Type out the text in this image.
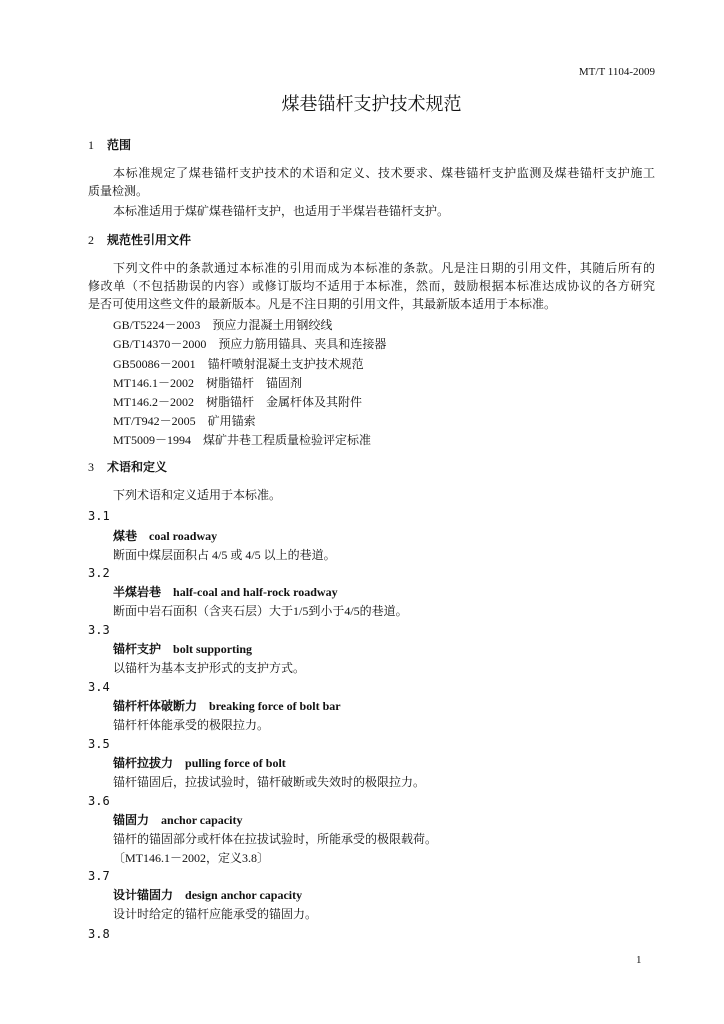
MT/T 1104-2009
煤巷锚杆支护技术规范
1 范围
本标准规定了煤巷锚杆支护技术的术语和定义、技术要求、煤巷锚杆支护监测及煤巷锚杆支护施工
质量检测。
本标准适用于煤矿煤巷锚杆支护，也适用于半煤岩巷锚杆支护。
2 规范性引用文件
下列文件中的条款通过本标准的引用而成为本标准的条款。凡是注日期的引用文件，其随后所有的
修改单（不包括勘误的内容）或修订版均不适用于本标准，然而，鼓励根据本标准达成协议的各方研究
是否可使用这些文件的最新版本。凡是不注日期的引用文件，其最新版本适用于本标准。
GB/T5224－2003　预应力混凝土用钢绞线
GB/T14370－2000　预应力筋用锚具、夹具和连接器
GB50086－2001　锚杆喷射混凝土支护技术规范
MT146.1－2002　树脂锚杆　锚固剂
MT146.2－2002　树脂锚杆　金属杆体及其附件
MT/T942－2005　矿用锚索
MT5009－1994　煤矿井巷工程质量检验评定标准
3 术语和定义
下列术语和定义适用于本标准。
3.1
煤巷 coal roadway
断面中煤层面积占 4/5 或 4/5 以上的巷道。
3.2
半煤岩巷 half-coal and half-rock roadway
断面中岩石面积（含夹石层）大于1/5到小于4/5的巷道。
3.3
锚杆支护 bolt supporting
以锚杆为基本支护形式的支护方式。
3.4
锚杆杆体破断力 breaking force of bolt bar
锚杆杆体能承受的极限拉力。
3.5
锚杆拉拔力 pulling force of bolt
锚杆锚固后，拉拔试验时，锚杆破断或失效时的极限拉力。
3.6
锚固力 anchor capacity
锚杆的锚固部分或杆体在拉拔试验时，所能承受的极限载荷。
〔MT146.1－2002，定义3.8〕
3.7
设计锚固力 design anchor capacity
设计时给定的锚杆应能承受的锚固力。
3.8
1
